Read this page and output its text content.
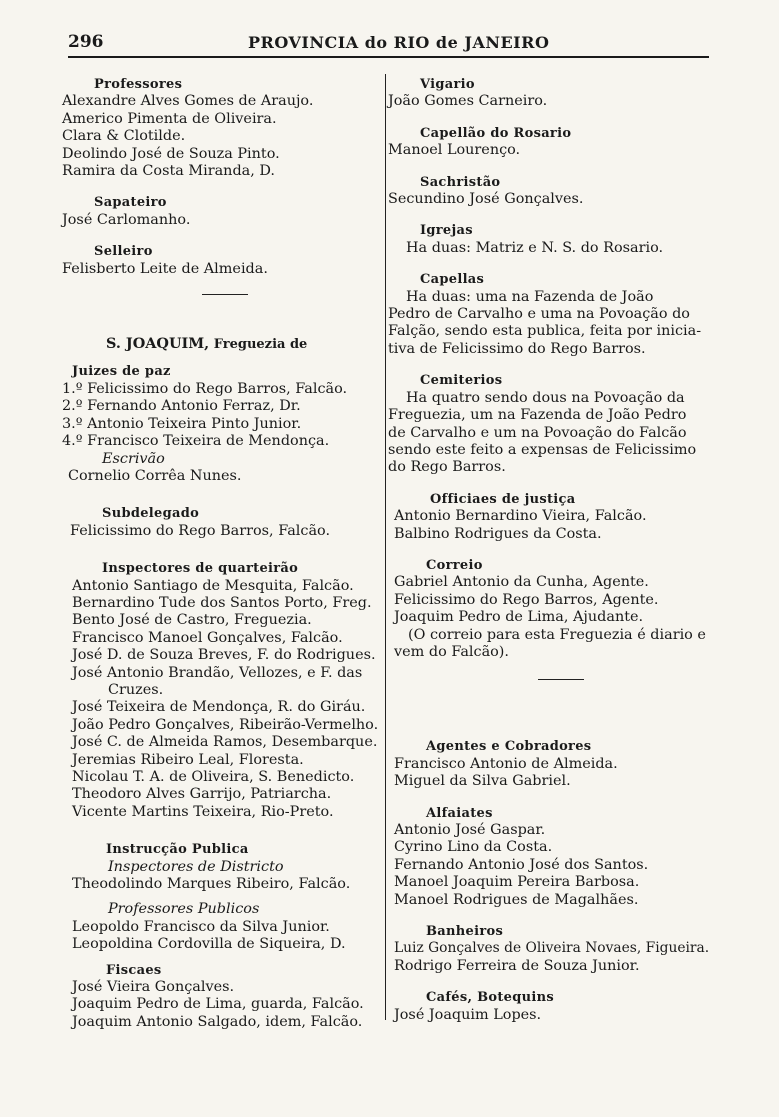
296	PROVINCIA do RIO de JANEIRO
Professores
Alexandre Alves Gomes de Araujo.
Americo Pimenta de Oliveira.
Clara & Clotilde.
Deolindo José de Souza Pinto.
Ramira da Costa Miranda, D.
Sapateiro
José Carlomanho.
Selleiro
Felisberto Leite de Almeida.
S. JOAQUIM, Freguezia de
Juizes de paz
1.º Felicissimo do Rego Barros, Falcão.
2.º Fernando Antonio Ferraz, Dr.
3.º Antonio Teixeira Pinto Junior.
4.º Francisco Teixeira de Mendonça.
Escrivão
Cornelio Corrêa Nunes.
Subdelegado
Felicissimo do Rego Barros, Falcão.
Inspectores de quarteirão
Antonio Santiago de Mesquita, Falcão.
Bernardino Tude dos Santos Porto, Freg.
Bento José de Castro, Freguezia.
Francisco Manoel Gonçalves, Falcão.
José D. de Souza Breves, F. do Rodrigues.
José Antonio Brandão, Vellozes, e F. das
Cruzes.
José Teixeira de Mendonça, R. do Giráu.
João Pedro Gonçalves, Ribeirão-Vermelho.
José C. de Almeida Ramos, Desembarque.
Jeremias Ribeiro Leal, Floresta.
Nicolau T. A. de Oliveira, S. Benedicto.
Theodoro Alves Garrijo, Patriarcha.
Vicente Martins Teixeira, Rio-Preto.
Instrucção Publica
Inspectores de Districto
Theodolindo Marques Ribeiro, Falcão.
Professores Publicos
Leopoldo Francisco da Silva Junior.
Leopoldina Cordovilla de Siqueira, D.
Fiscaes
José Vieira Gonçalves.
Joaquim Pedro de Lima, guarda, Falcão.
Joaquim Antonio Salgado, idem, Falcão.
Vigario
João Gomes Carneiro.
Capellão do Rosario
Manoel Lourenço.
Sachristão
Secundino José Gonçalves.
Igrejas
Ha duas: Matriz e N. S. do Rosario.
Capellas
Ha duas: uma na Fazenda de João
Pedro de Carvalho e uma na Povoação do
Falção, sendo esta publica, feita por inicia-
tiva de Felicissimo do Rego Barros.
Cemiterios
Ha quatro sendo dous na Povoação da
Freguezia, um na Fazenda de João Pedro
de Carvalho e um na Povoação do Falcão
sendo este feito a expensas de Felicissimo
do Rego Barros.
Officiaes de justiça
Antonio Bernardino Vieira, Falcão.
Balbino Rodrigues da Costa.
Correio
Gabriel Antonio da Cunha, Agente.
Felicissimo do Rego Barros, Agente.
Joaquim Pedro de Lima, Ajudante.
(O correio para esta Freguezia é diario e
vem do Falcão).
Agentes e Cobradores
Francisco Antonio de Almeida.
Miguel da Silva Gabriel.
Alfaiates
Antonio José Gaspar.
Cyrino Lino da Costa.
Fernando Antonio José dos Santos.
Manoel Joaquim Pereira Barbosa.
Manoel Rodrigues de Magalhães.
Banheiros
Luiz Gonçalves de Oliveira Novaes, Figueira.
Rodrigo Ferreira de Souza Junior.
Cafés, Botequins
José Joaquim Lopes.
